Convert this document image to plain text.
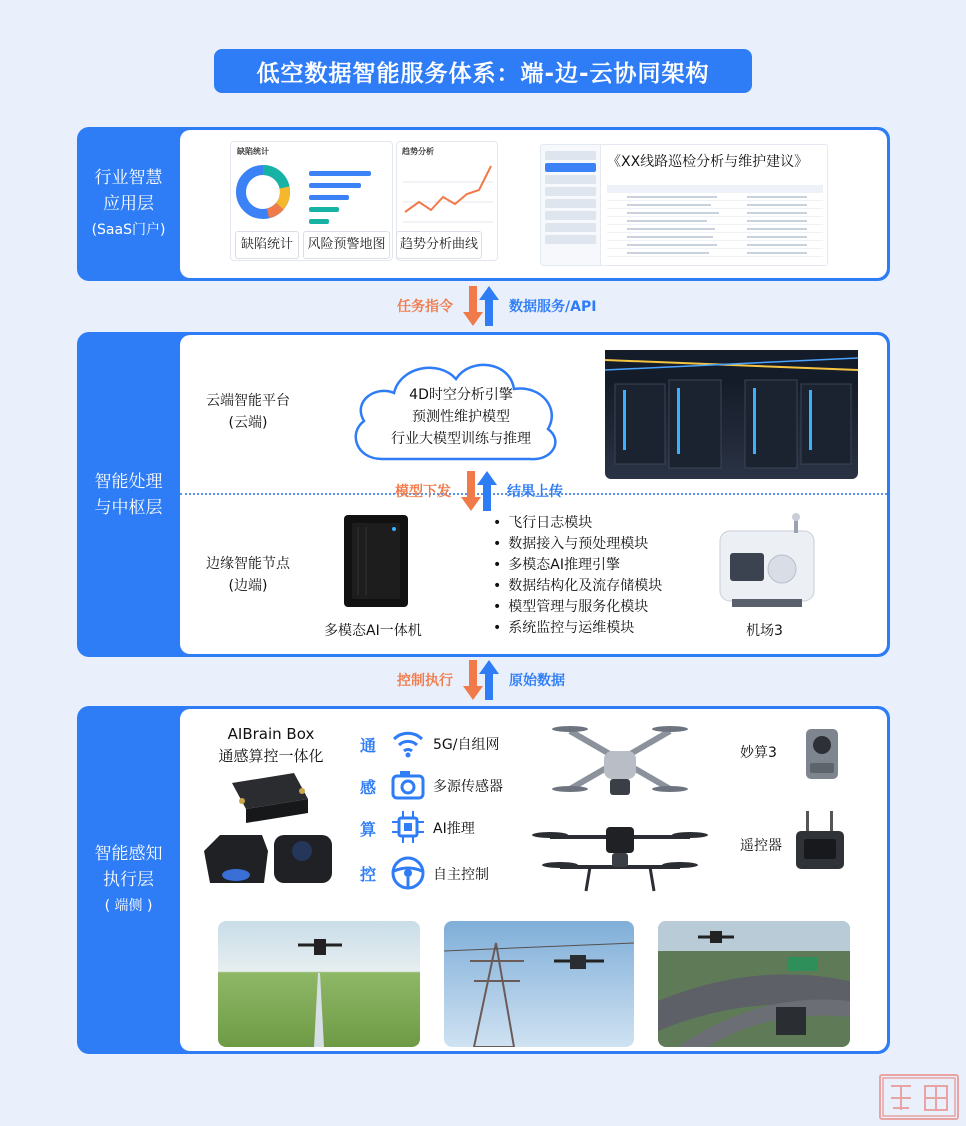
低空数据智能服务体系：端-边-云协同架构
行业智慧
应用层
(SaaS门户)
缺陷统计	趋势分析
缺陷统计	风险预警地图	趋势分析曲线
《XX线路巡检分析与维护建议》
任务指令	数据服务/API
智能处理
与中枢层
云端智能平台
(云端)
4D时空分析引擎
预测性维护模型
行业大模型训练与推理
模型下发	结果上传
边缘智能节点
(边端)
多模态AI一体机
• 飞行日志模块
• 数据接入与预处理模块
• 多模态AI推理引擎
• 数据结构化及流存储模块
• 模型管理与服务化模块
• 系统监控与运维模块	机场3
控制执行	原始数据
智能感知
执行层
( 端侧 )
AIBrain Box
通感算控一体化
通
感
算
控
5G/自组网
多源传感器
AI推理
自主控制
妙算3
遥控器
